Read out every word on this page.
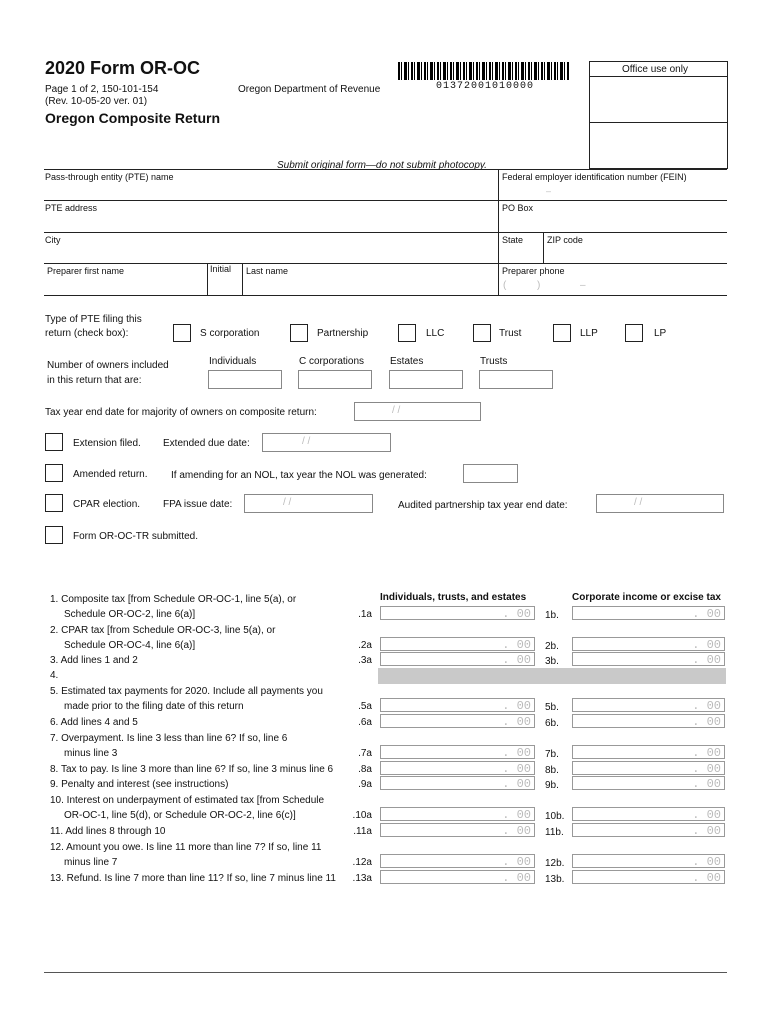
2020 Form OR-OC
Page 1 of 2, 150-101-154
(Rev. 10-05-20 ver. 01)
Oregon Department of Revenue
Oregon Composite Return
01372001010000
Office use only
Submit original form—do not submit photocopy.
Pass-through entity (PTE) name	Federal employer identification number (FEIN)
–
PTE address	PO Box
City	State	ZIP code
Preparer first name	Initial Last name	Preparer phone
(	)	–
Type of PTE filing this
return (check box):	S corporation	Partnership	LLC	Trust	LLP	LP
Number of owners included
in this return that are:
Individuals	C corporations	Estates	Trusts
Tax year end date for majority of owners on composite return:	/ /
Extension filed. Extended due date:	/ /
Amended return. If amending for an NOL, tax year the NOL was generated:
CPAR election. FPA issue date:	/ /	Audited partnership tax year end date:	/ /
Form OR-OC-TR submitted.
Individuals, trusts, and estates	Corporate income or excise tax
1. Composite tax [from Schedule OR-OC-1, line 5(a), or
Schedule OR-OC-2, line 6(a)]	1a.	. 00	1b.	. 00
2. CPAR tax [from Schedule OR-OC-3, line 5(a), or
Schedule OR-OC-4, line 6(a)]	2a.	. 00	2b.	. 00
3. Add lines 1 and 2	3a.	. 00	3b.	. 00
4.
5. Estimated tax payments for 2020. Include all payments you
made prior to the filing date of this return	5a.	. 00	5b.	. 00
6. Add lines 4 and 5	6a.	. 00	6b.	. 00
7. Overpayment. Is line 3 less than line 6? If so, line 6
minus line 3	7a.	. 00	7b.	. 00
8. Tax to pay. Is line 3 more than line 6? If so, line 3 minus line 6 8a.	. 00	8b.	. 00
9. Penalty and interest (see instructions)	9a.	. 00	9b.	. 00
10. Interest on underpayment of estimated tax [from Schedule
OR-OC-1, line 5(d), or Schedule OR-OC-2, line 6(c)]	10a.	. 00	10b.	. 00
11. Add lines 8 through 10	11a.	. 00	11b.	. 00
12. Amount you owe. Is line 11 more than line 7? If so, line 11
minus line 7	12a.	. 00	12b.	. 00
13. Refund. Is line 7 more than line 11? If so, line 7 minus line 11 13a.	. 00	13b.	. 00
